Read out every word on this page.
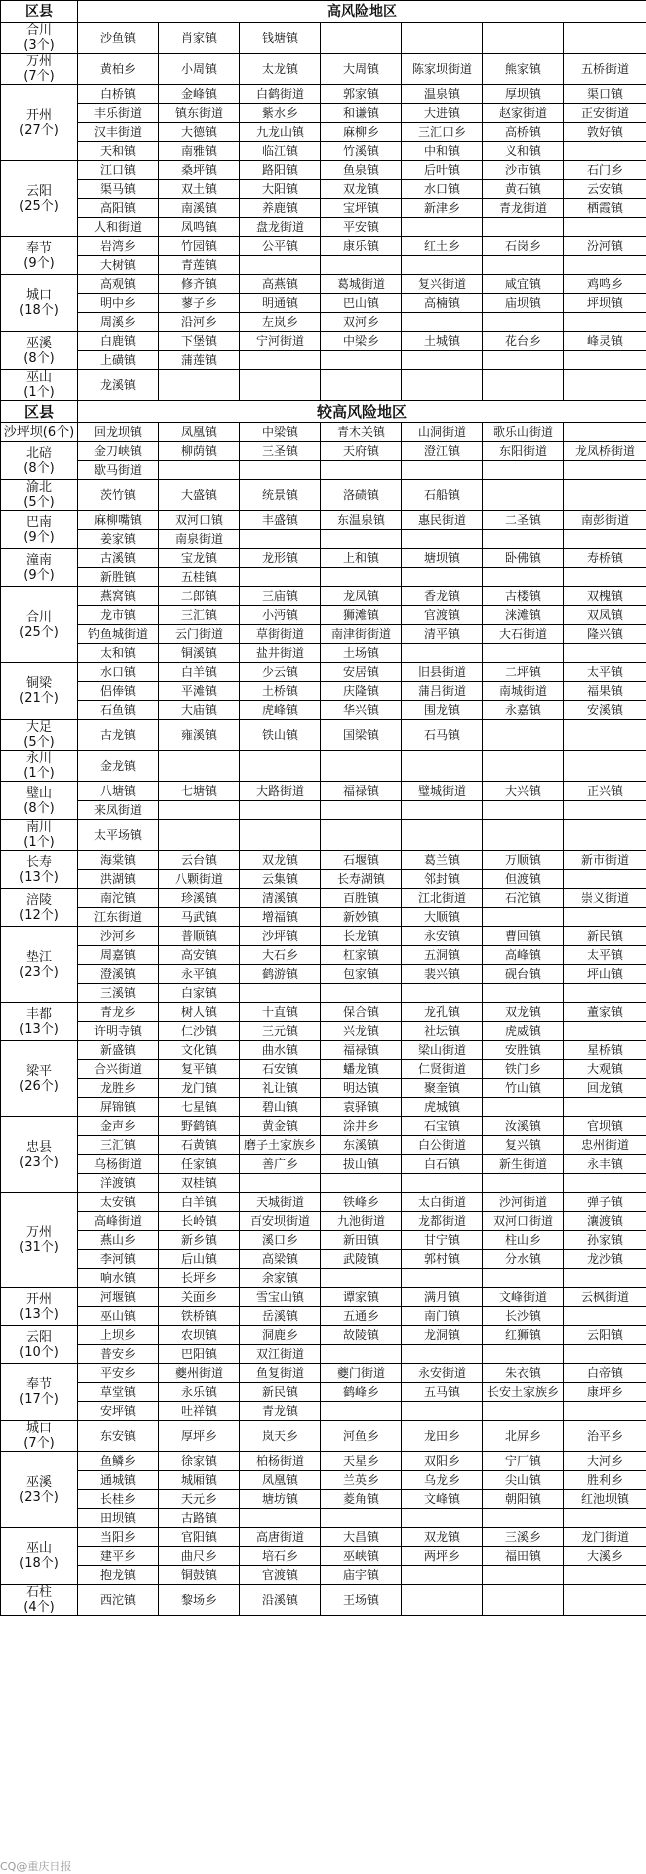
区县	高风险地区						
合川
(3个)	沙鱼镇	肖家镇	钱塘镇				
万州
(7个)	黄柏乡	小周镇	太龙镇	大周镇	陈家坝街道	熊家镇	五桥街道
开州
(27个)	白桥镇	金峰镇	白鹤街道	郭家镇	温泉镇	厚坝镇	渠口镇
	丰乐街道	镇东街道	紫水乡	和谦镇	大进镇	赵家街道	正安街道
	汉丰街道	大德镇	九龙山镇	麻柳乡	三汇口乡	高桥镇	敦好镇
	天和镇	南雅镇	临江镇	竹溪镇	中和镇	义和镇	
云阳
(25个)	江口镇	桑坪镇	路阳镇	鱼泉镇	后叶镇	沙市镇	石门乡
	渠马镇	双土镇	大阳镇	双龙镇	水口镇	黄石镇	云安镇
	高阳镇	南溪镇	养鹿镇	宝坪镇	新津乡	青龙街道	栖霞镇
	人和街道	凤鸣镇	盘龙街道	平安镇			
奉节
(9个)	岩湾乡	竹园镇	公平镇	康乐镇	红土乡	石岗乡	汾河镇
	大树镇	青莲镇					
城口
(18个)	高观镇	修齐镇	高燕镇	葛城街道	复兴街道	咸宜镇	鸡鸣乡
	明中乡	蓼子乡	明通镇	巴山镇	高楠镇	庙坝镇	坪坝镇
	周溪乡	沿河乡	左岚乡	双河乡			
巫溪
(8个)	白鹿镇	下堡镇	宁河街道	中梁乡	土城镇	花台乡	峰灵镇
	上磺镇	蒲莲镇					
巫山
(1个)	龙溪镇						
区县	较高风险地区						
沙坪坝(6个)	回龙坝镇	凤凰镇	中梁镇	青木关镇	山洞街道	歌乐山街道	
北碚
(8个)	金刀峡镇	柳荫镇	三圣镇	天府镇	澄江镇	东阳街道	龙凤桥街道
	歇马街道						
渝北
(5个)	茨竹镇	大盛镇	统景镇	洛碛镇	石船镇		
巴南
(9个)	麻柳嘴镇	双河口镇	丰盛镇	东温泉镇	惠民街道	二圣镇	南彭街道
	姜家镇	南泉街道					
潼南
(9个)	古溪镇	宝龙镇	龙形镇	上和镇	塘坝镇	卧佛镇	寿桥镇
	新胜镇	五桂镇					
合川
(25个)	燕窝镇	二郎镇	三庙镇	龙凤镇	香龙镇	古楼镇	双槐镇
	龙市镇	三汇镇	小沔镇	狮滩镇	官渡镇	涞滩镇	双凤镇
	钓鱼城街道	云门街道	草街街道	南津街街道	清平镇	大石街道	隆兴镇
	太和镇	铜溪镇	盐井街道	土场镇			
铜梁
(21个)	水口镇	白羊镇	少云镇	安居镇	旧县街道	二坪镇	太平镇
	侣俸镇	平滩镇	土桥镇	庆隆镇	蒲吕街道	南城街道	福果镇
	石鱼镇	大庙镇	虎峰镇	华兴镇	围龙镇	永嘉镇	安溪镇
大足
(5个)	古龙镇	雍溪镇	铁山镇	国梁镇	石马镇		
永川
(1个)	金龙镇						
璧山
(8个)	八塘镇	七塘镇	大路街道	福禄镇	璧城街道	大兴镇	正兴镇
	来凤街道						
南川
(1个)	太平场镇						
长寿
(13个)	海棠镇	云台镇	双龙镇	石堰镇	葛兰镇	万顺镇	新市街道
	洪湖镇	八颗街道	云集镇	长寿湖镇	邻封镇	但渡镇	
涪陵
(12个)	南沱镇	珍溪镇	清溪镇	百胜镇	江北街道	石沱镇	崇义街道
	江东街道	马武镇	增福镇	新妙镇	大顺镇		
垫江
(23个)	沙河乡	普顺镇	沙坪镇	长龙镇	永安镇	曹回镇	新民镇
	周嘉镇	高安镇	大石乡	杠家镇	五洞镇	高峰镇	太平镇
	澄溪镇	永平镇	鹤游镇	包家镇	裴兴镇	砚台镇	坪山镇
	三溪镇	白家镇					
丰都
(13个)	青龙乡	树人镇	十直镇	保合镇	龙孔镇	双龙镇	董家镇
	许明寺镇	仁沙镇	三元镇	兴龙镇	社坛镇	虎威镇	
梁平
(26个)	新盛镇	文化镇	曲水镇	福禄镇	梁山街道	安胜镇	星桥镇
	合兴街道	复平镇	石安镇	蟠龙镇	仁贤街道	铁门乡	大观镇
	龙胜乡	龙门镇	礼让镇	明达镇	聚奎镇	竹山镇	回龙镇
	屏锦镇	七星镇	碧山镇	袁驿镇	虎城镇		
忠县
(23个)	金声乡	野鹤镇	黄金镇	涂井乡	石宝镇	汝溪镇	官坝镇
	三汇镇	石黄镇	磨子土家族乡	东溪镇	白公街道	复兴镇	忠州街道
	乌杨街道	任家镇	善广乡	拔山镇	白石镇	新生街道	永丰镇
	洋渡镇	双桂镇					
万州
(31个)	太安镇	白羊镇	天城街道	铁峰乡	太白街道	沙河街道	弹子镇
	高峰街道	长岭镇	百安坝街道	九池街道	龙都街道	双河口街道	瀼渡镇
	燕山乡	新乡镇	溪口乡	新田镇	甘宁镇	柱山乡	孙家镇
	李河镇	后山镇	高梁镇	武陵镇	郭村镇	分水镇	龙沙镇
	响水镇	长坪乡	余家镇				
开州
(13个)	河堰镇	关面乡	雪宝山镇	谭家镇	满月镇	文峰街道	云枫街道
	巫山镇	铁桥镇	岳溪镇	五通乡	南门镇	长沙镇	
云阳
(10个)	上坝乡	农坝镇	洞鹿乡	故陵镇	龙洞镇	红狮镇	云阳镇
	普安乡	巴阳镇	双江街道				
奉节
(17个)	平安乡	夔州街道	鱼复街道	夔门街道	永安街道	朱衣镇	白帝镇
	草堂镇	永乐镇	新民镇	鹤峰乡	五马镇	长安土家族乡	康坪乡
	安坪镇	吐祥镇	青龙镇				
城口
(7个)	东安镇	厚坪乡	岚天乡	河鱼乡	龙田乡	北屏乡	治平乡
巫溪
(23个)	鱼鳞乡	徐家镇	柏杨街道	天星乡	双阳乡	宁厂镇	大河乡
	通城镇	城厢镇	凤凰镇	兰英乡	乌龙乡	尖山镇	胜利乡
	长桂乡	天元乡	塘坊镇	菱角镇	文峰镇	朝阳镇	红池坝镇
	田坝镇	古路镇					
巫山
(18个)	当阳乡	官阳镇	高唐街道	大昌镇	双龙镇	三溪乡	龙门街道
	建平乡	曲尺乡	培石乡	巫峡镇	两坪乡	福田镇	大溪乡
	抱龙镇	铜鼓镇	官渡镇	庙宇镇			
石柱
(4个)	西沱镇	黎场乡	沿溪镇	王场镇			
CQ@重庆日报
